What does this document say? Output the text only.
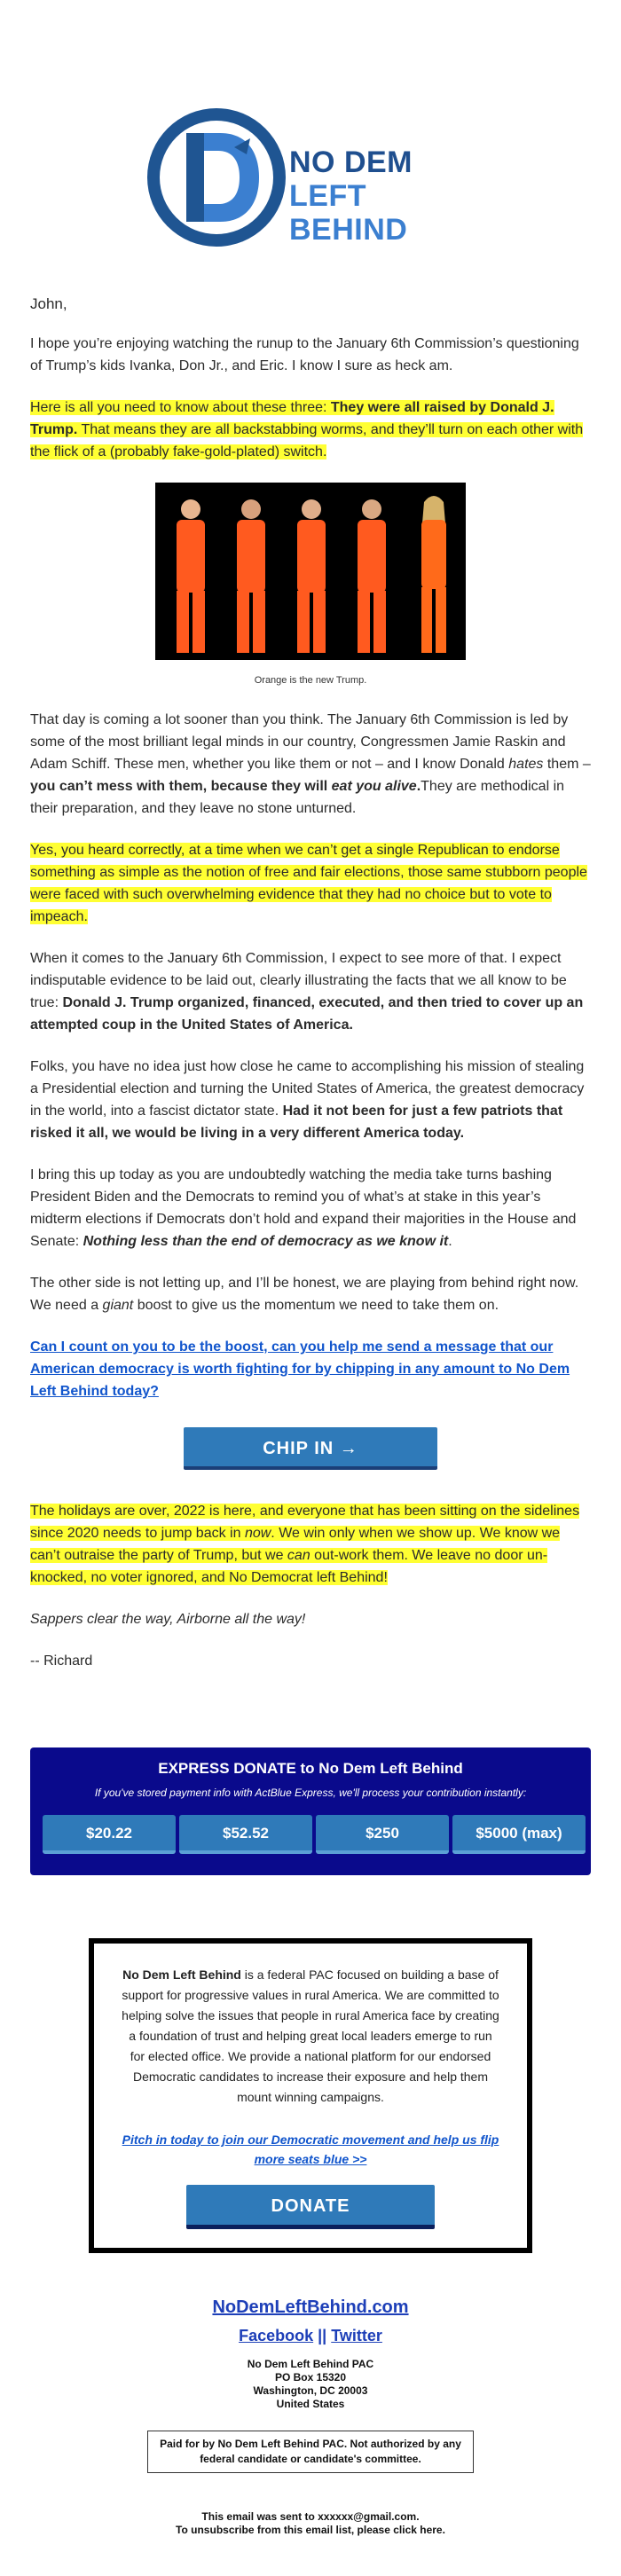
NO DEM
LEFT BEHIND

John,

I hope you’re enjoying watching the runup to the January 6th Commission’s questioning of Trump’s kids Ivanka, Don Jr., and Eric. I know I sure as heck am.

Here is all you need to know about these three: They were all raised by Donald J. Trump. That means they are all backstabbing worms, and they’ll turn on each other with the flick of a (probably fake-gold-plated) switch.

Orange is the new Trump.

That day is coming a lot sooner than you think. The January 6th Commission is led by some of the most brilliant legal minds in our country, Congressmen Jamie Raskin and Adam Schiff. These men, whether you like them or not – and I know Donald hates them – you can’t mess with them, because they will eat you alive.They are methodical in their preparation, and they leave no stone unturned.

Yes, you heard correctly, at a time when we can’t get a single Republican to endorse something as simple as the notion of free and fair elections, those same stubborn people were faced with such overwhelming evidence that they had no choice but to vote to impeach.

When it comes to the January 6th Commission, I expect to see more of that. I expect indisputable evidence to be laid out, clearly illustrating the facts that we all know to be true: Donald J. Trump organized, financed, executed, and then tried to cover up an attempted coup in the United States of America.

Folks, you have no idea just how close he came to accomplishing his mission of stealing a Presidential election and turning the United States of America, the greatest democracy in the world, into a fascist dictator state. Had it not been for just a few patriots that risked it all, we would be living in a very different America today.

I bring this up today as you are undoubtedly watching the media take turns bashing President Biden and the Democrats to remind you of what’s at stake in this year’s midterm elections if Democrats don’t hold and expand their majorities in the House and Senate: Nothing less than the end of democracy as we know it.

The other side is not letting up, and I’ll be honest, we are playing from behind right now. We need a giant boost to give us the momentum we need to take them on.

Can I count on you to be the boost, can you help me send a message that our American democracy is worth fighting for by chipping in any amount to No Dem Left Behind today?

CHIP IN →

The holidays are over, 2022 is here, and everyone that has been sitting on the sidelines since 2020 needs to jump back in now. We win only when we show up. We know we can’t outraise the party of Trump, but we can out-work them. We leave no door un-knocked, no voter ignored, and No Democrat left Behind!

Sappers clear the way, Airborne all the way!

-- Richard

EXPRESS DONATE to No Dem Left Behind
If you've stored payment info with ActBlue Express, we'll process your contribution instantly:
$20.22	$52.52	$250	$5000 (max)
No Dem Left Behind is a federal PAC focused on building a base of support for progressive values in rural America. We are committed to helping solve the issues that people in rural America face by creating a foundation of trust and helping great local leaders emerge to run for elected office. We provide a national platform for our endorsed Democratic candidates to increase their exposure and help them mount winning campaigns.
Pitch in today to join our Democratic movement and help us flip more seats blue >>
DONATE
NoDemLeftBehind.com
Facebook || Twitter
No Dem Left Behind PAC
PO Box 15320
Washington, DC 20003
United States
Paid for by No Dem Left Behind PAC. Not authorized by any federal candidate or candidate's committee.
This email was sent to xxxxxx@gmail.com.
To unsubscribe from this email list, please click here.
